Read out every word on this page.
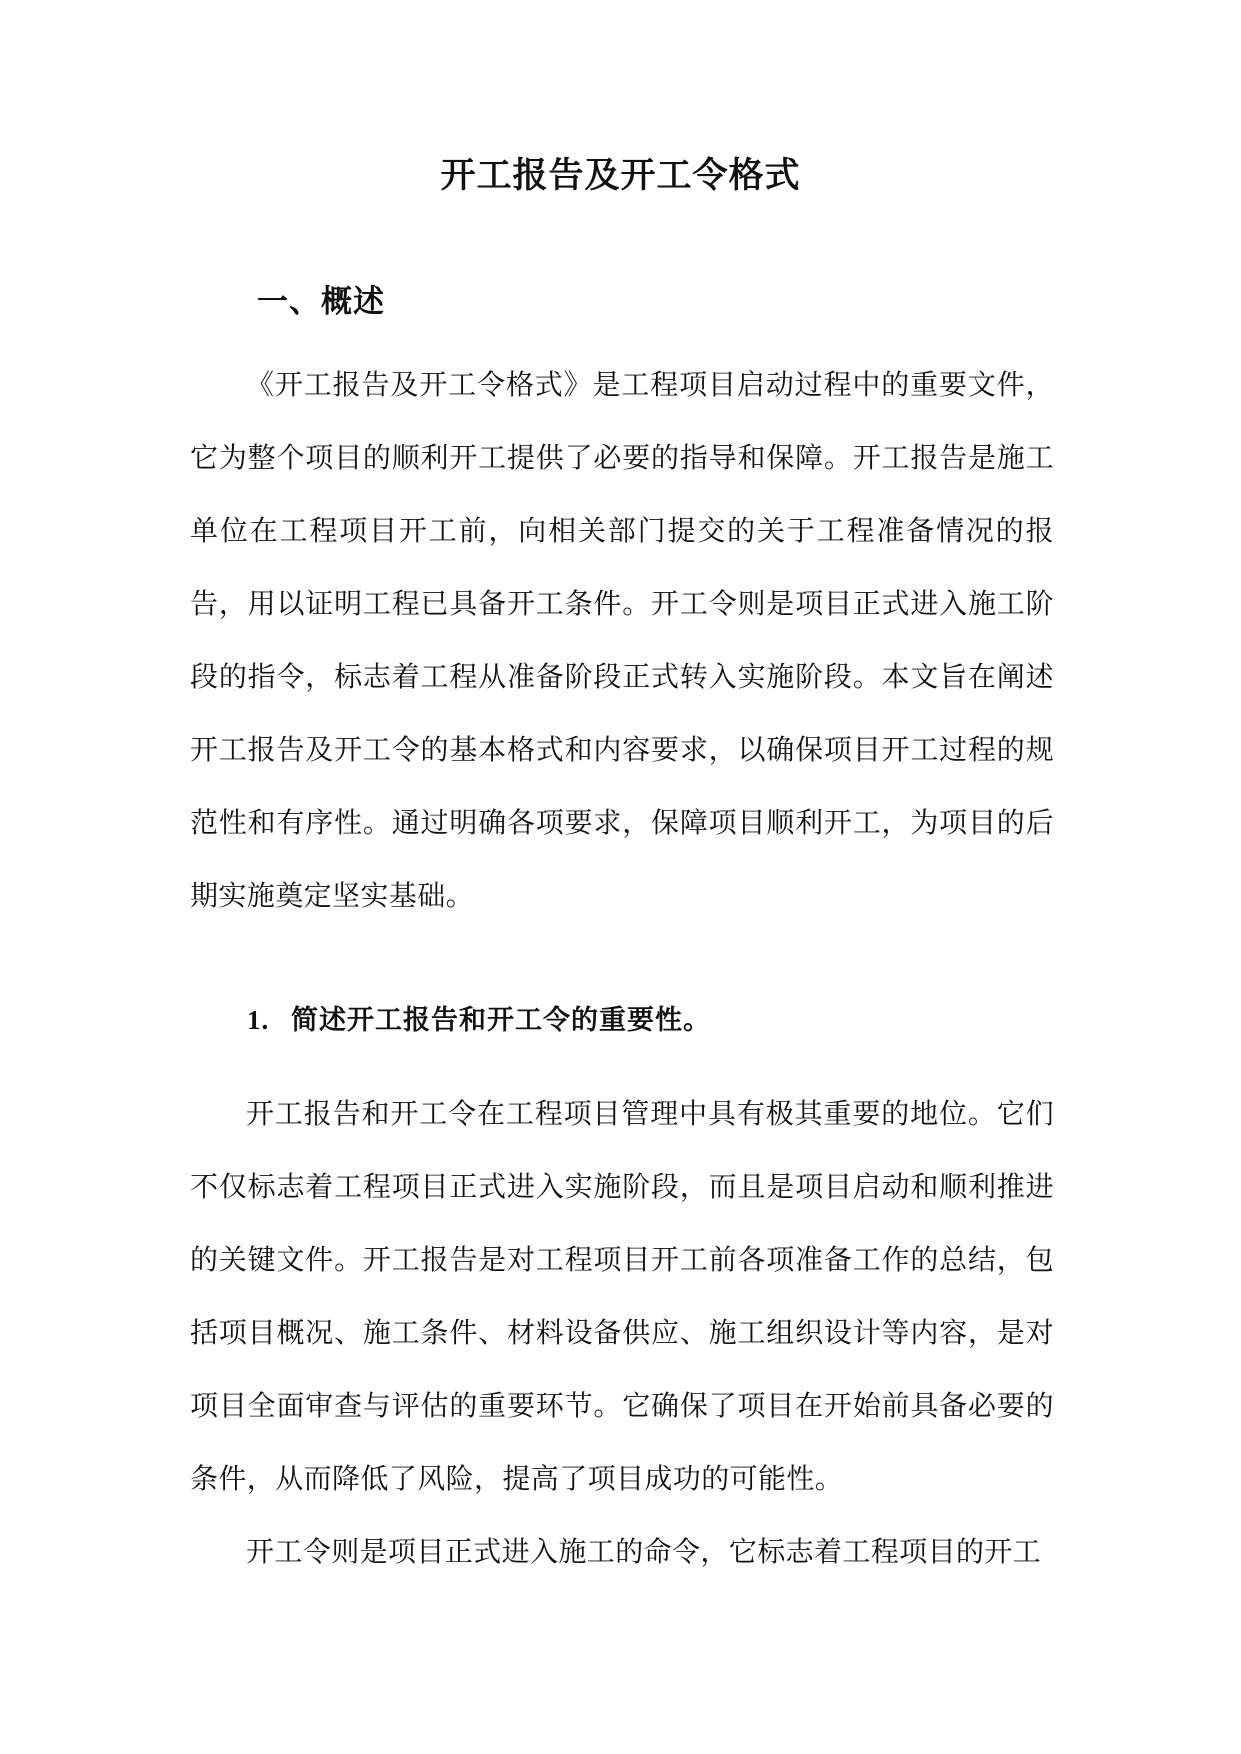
开工报告及开工令格式
一、概述

《开工报告及开工令格式》是工程项目启动过程中的重要文件，它为整个项目的顺利开工提供了必要的指导和保障。开工报告是施工单位在工程项目开工前，向相关部门提交的关于工程准备情况的报告，用以证明工程已具备开工条件。开工令则是项目正式进入施工阶段的指令，标志着工程从准备阶段正式转入实施阶段。本文旨在阐述开工报告及开工令的基本格式和内容要求，以确保项目开工过程的规范性和有序性。通过明确各项要求，保障项目顺利开工，为项目的后期实施奠定坚实基础。

1. 简述开工报告和开工令的重要性。

开工报告和开工令在工程项目管理中具有极其重要的地位。它们不仅标志着工程项目正式进入实施阶段，而且是项目启动和顺利推进的关键文件。开工报告是对工程项目开工前各项准备工作的总结，包括项目概况、施工条件、材料设备供应、施工组织设计等内容，是对项目全面审查与评估的重要环节。它确保了项目在开始前具备必要的条件，从而降低了风险，提高了项目成功的可能性。

开工令则是项目正式进入施工的命令，它标志着工程项目的开工
